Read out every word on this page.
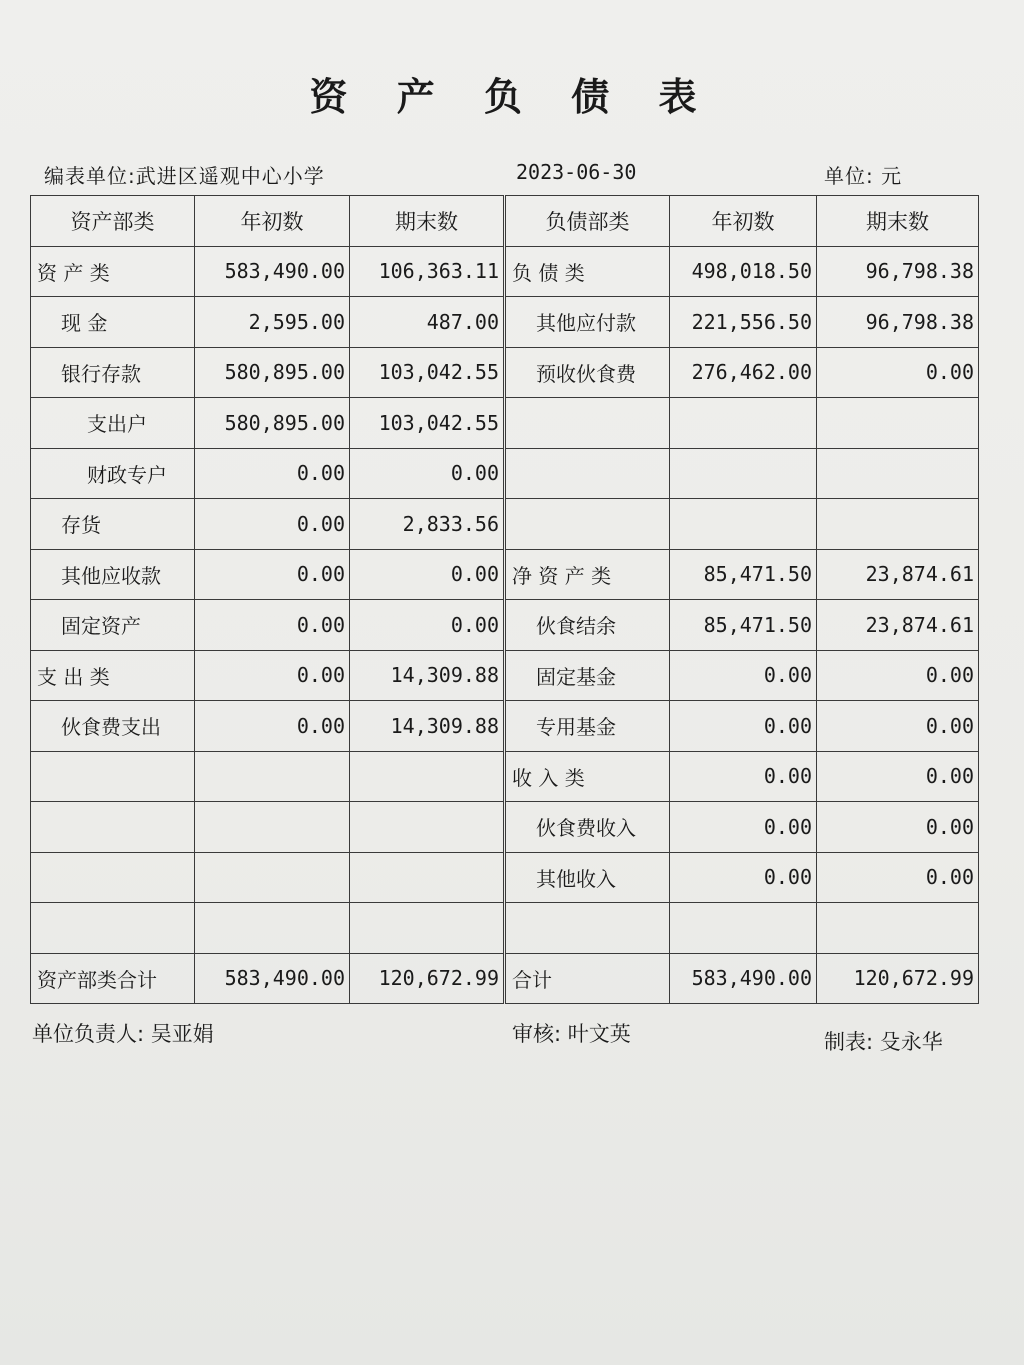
资 产 负 债 表
编表单位:武进区遥观中心小学	2023-06-30	单位: 元
资产部类	年初数	期末数	负债部类	年初数	期末数
资 产 类	583,490.00	106,363.11	负 债 类	498,018.50	96,798.38
现 金	2,595.00	487.00	其他应付款	221,556.50	96,798.38
银行存款	580,895.00	103,042.55	预收伙食费	276,462.00	0.00
支出户	580,895.00	103,042.55			
财政专户	0.00	0.00			
存货	0.00	2,833.56			
其他应收款	0.00	0.00	净 资 产 类	85,471.50	23,874.61
固定资产	0.00	0.00	伙食结余	85,471.50	23,874.61
支 出 类	0.00	14,309.88	固定基金	0.00	0.00
伙食费支出	0.00	14,309.88	专用基金	0.00	0.00
			收 入 类	0.00	0.00
			伙食费收入	0.00	0.00
			其他收入	0.00	0.00

资产部类合计	583,490.00	120,672.99	合计	583,490.00	120,672.99
单位负责人: 吴亚娟	审核: 叶文英	制表: 殳永华
